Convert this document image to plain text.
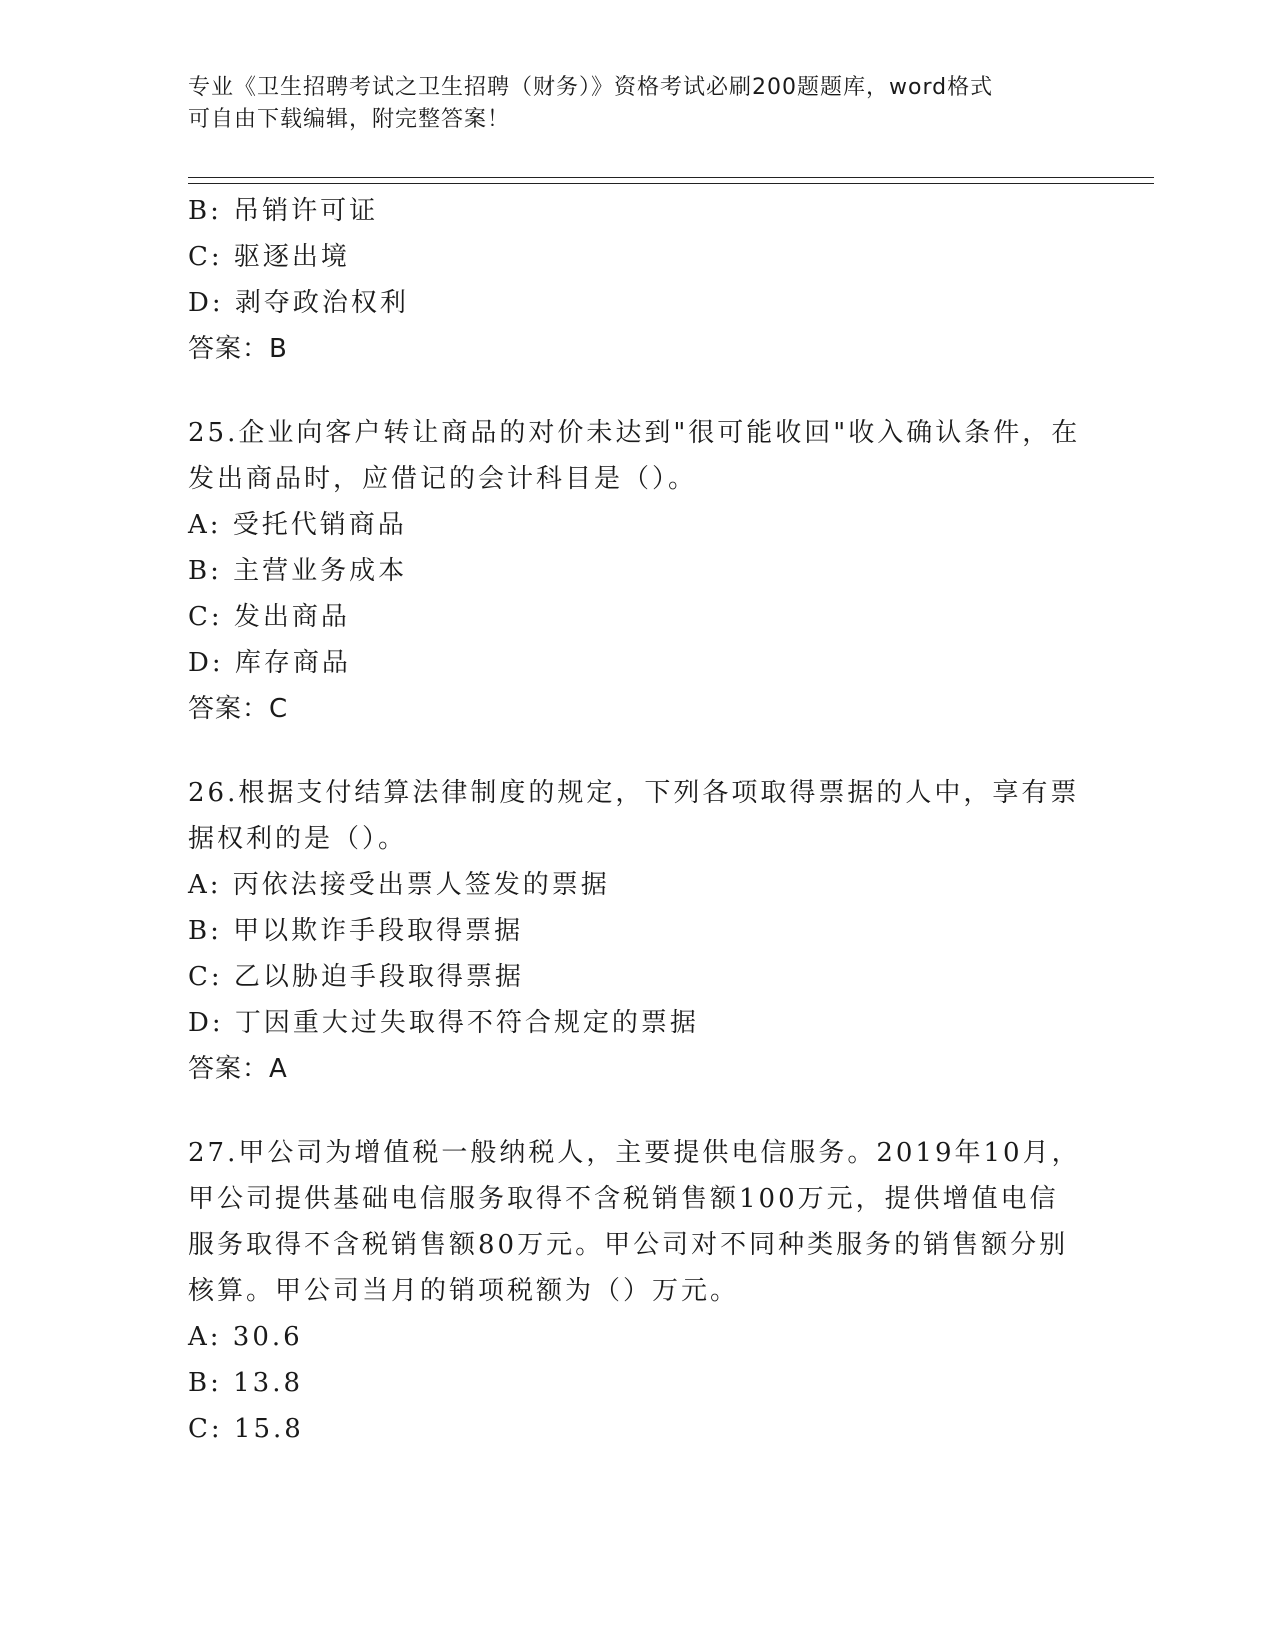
专业《卫生招聘考试之卫生招聘（财务）》资格考试必刷200题题库，word格式
可自由下载编辑，附完整答案！
B: 吊销许可证
C: 驱逐出境
D: 剥夺政治权利
答案：B
25.企业向客户转让商品的对价未达到"很可能收回"收入确认条件，在
发出商品时，应借记的会计科目是（）。
A: 受托代销商品
B: 主营业务成本
C: 发出商品
D: 库存商品
答案：C
26.根据支付结算法律制度的规定，下列各项取得票据的人中，享有票
据权利的是（）。
A: 丙依法接受出票人签发的票据
B: 甲以欺诈手段取得票据
C: 乙以胁迫手段取得票据
D: 丁因重大过失取得不符合规定的票据
答案：A
27.甲公司为增值税一般纳税人，主要提供电信服务。2019年10月，
甲公司提供基础电信服务取得不含税销售额100万元，提供增值电信
服务取得不含税销售额80万元。甲公司对不同种类服务的销售额分别
核算。甲公司当月的销项税额为（）万元。
A: 30.6
B: 13.8
C: 15.8
